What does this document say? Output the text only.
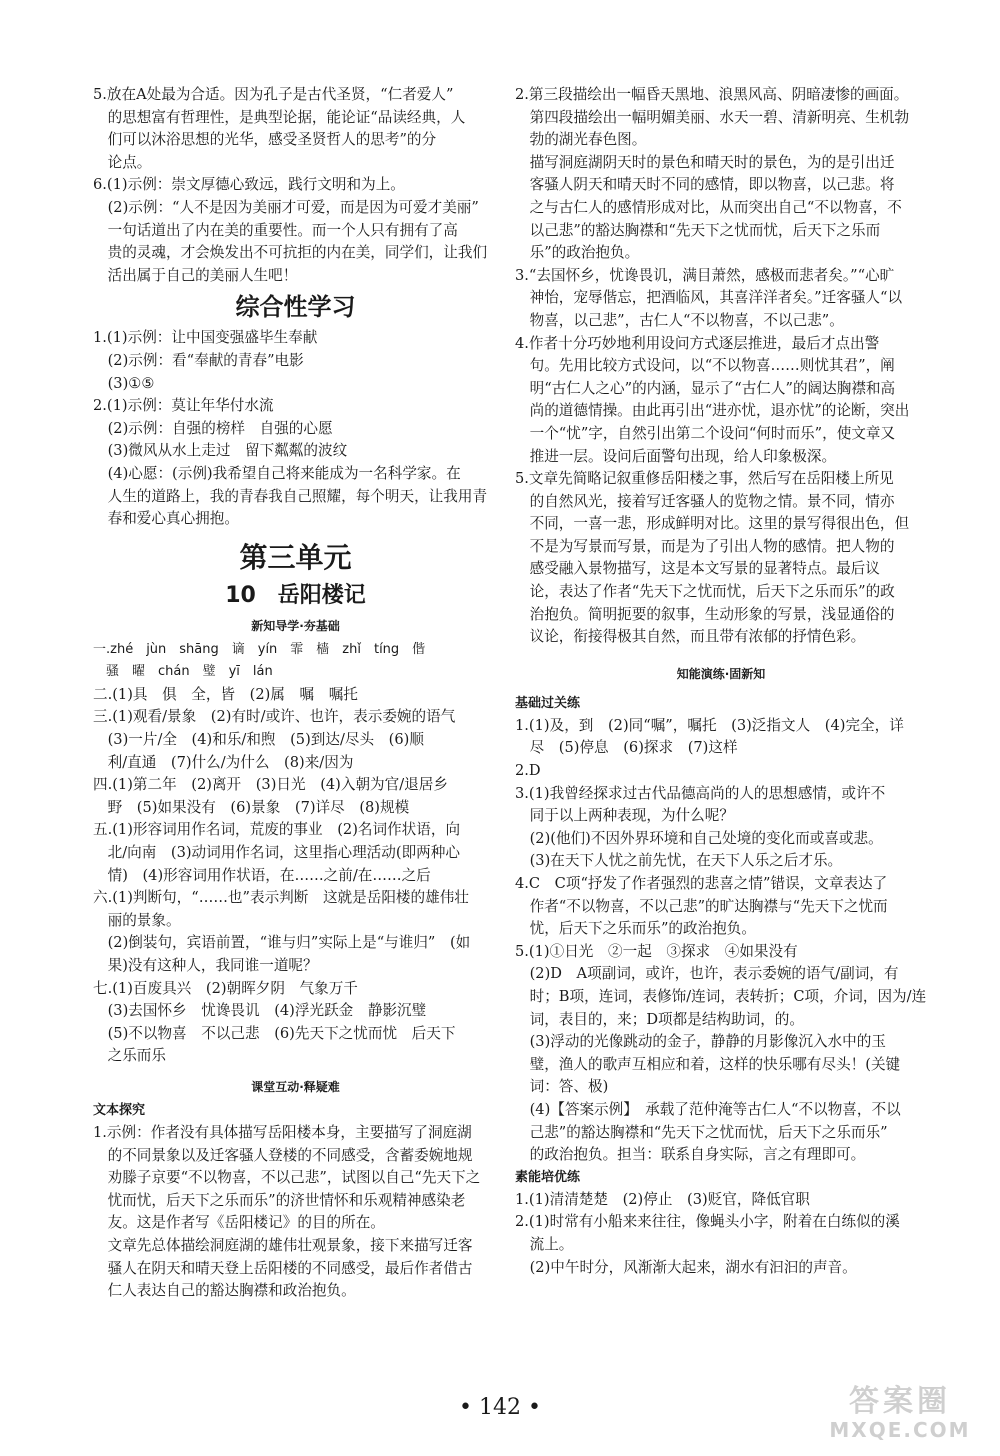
5.放在A处最为合适。因为孔子是古代圣贤，“仁者爱人”
的思想富有哲理性，是典型论据，能论证“品读经典，人
们可以沐浴思想的光华，感受圣贤哲人的思考”的分
论点。
6.(1)示例：崇文厚德心致远，践行文明和为上。
(2)示例：“人不是因为美丽才可爱，而是因为可爱才美丽”
一句话道出了内在美的重要性。而一个人只有拥有了高
贵的灵魂，才会焕发出不可抗拒的内在美，同学们，让我们
活出属于自己的美丽人生吧！
综合性学习
1.(1)示例：让中国变强盛毕生奉献
(2)示例：看“奉献的青春”电影
(3)①⑤
2.(1)示例：莫让年华付水流
(2)示例：自强的榜样　自强的心愿
(3)微风从水上走过　留下粼粼的波纹
(4)心愿：(示例)我希望自己将来能成为一名科学家。在
人生的道路上，我的青春我自己照耀，每个明天，让我用青
春和爱心真心拥抱。
第三单元
10　岳阳楼记
新知导学·夯基础
一.zhé　jùn　shāng　谪　yín　霏　樯　zhǐ　tíng　偕
骚　曜　chán　璧　yī　lán
二.(1)具　俱　全，皆　(2)属　嘱　嘱托
三.(1)观看/景象　(2)有时/或许、也许，表示委婉的语气
(3)一片/全　(4)和乐/和煦　(5)到达/尽头　(6)顺
利/直通　(7)什么/为什么　(8)来/因为
四.(1)第二年　(2)离开　(3)日光　(4)入朝为官/退居乡
野　(5)如果没有　(6)景象　(7)详尽　(8)规模
五.(1)形容词用作名词，荒废的事业　(2)名词作状语，向
北/向南　(3)动词用作名词，这里指心理活动(即两种心
情)　(4)形容词用作状语，在……之前/在……之后
六.(1)判断句，“……也”表示判断　这就是岳阳楼的雄伟壮
丽的景象。
(2)倒装句，宾语前置，“谁与归”实际上是“与谁归”　(如
果)没有这种人，我同谁一道呢？
七.(1)百废具兴　(2)朝晖夕阴　气象万千
(3)去国怀乡　忧谗畏讥　(4)浮光跃金　静影沉璧
(5)不以物喜　不以己悲　(6)先天下之忧而忧　后天下
之乐而乐
课堂互动·释疑难
文本探究
1.示例：作者没有具体描写岳阳楼本身，主要描写了洞庭湖
的不同景象以及迁客骚人登楼的不同感受，含蓄委婉地规
劝滕子京要“不以物喜，不以己悲”，试图以自己“先天下之
忧而忧，后天下之乐而乐”的济世情怀和乐观精神感染老
友。这是作者写《岳阳楼记》的目的所在。
文章先总体描绘洞庭湖的雄伟壮观景象，接下来描写迁客
骚人在阴天和晴天登上岳阳楼的不同感受，最后作者借古
仁人表达自己的豁达胸襟和政治抱负。
2.第三段描绘出一幅昏天黑地、浪黑风高、阴暗凄惨的画面。
第四段描绘出一幅明媚美丽、水天一碧、清新明亮、生机勃
勃的湖光春色图。
描写洞庭湖阴天时的景色和晴天时的景色，为的是引出迁
客骚人阴天和晴天时不同的感情，即以物喜，以己悲。将
之与古仁人的感情形成对比，从而突出自己“不以物喜，不
以己悲”的豁达胸襟和“先天下之忧而忧，后天下之乐而
乐”的政治抱负。
3.“去国怀乡，忧谗畏讥，满目萧然，感极而悲者矣。”“心旷
神怡，宠辱偕忘，把酒临风，其喜洋洋者矣。”迁客骚人“以
物喜，以己悲”，古仁人“不以物喜，不以己悲”。
4.作者十分巧妙地利用设问方式逐层推进，最后才点出警
句。先用比较方式设问，以“不以物喜……则忧其君”，阐
明“古仁人之心”的内涵，显示了“古仁人”的阔达胸襟和高
尚的道德情操。由此再引出“进亦忧，退亦忧”的论断，突出
一个“忧”字，自然引出第二个设问“何时而乐”，使文章又
推进一层。设问后面警句出现，给人印象极深。
5.文章先简略记叙重修岳阳楼之事，然后写在岳阳楼上所见
的自然风光，接着写迁客骚人的览物之情。景不同，情亦
不同，一喜一悲，形成鲜明对比。这里的景写得很出色，但
不是为写景而写景，而是为了引出人物的感情。把人物的
感受融入景物描写，这是本文写景的显著特点。最后议
论，表达了作者“先天下之忧而忧，后天下之乐而乐”的政
治抱负。简明扼要的叙事，生动形象的写景，浅显通俗的
议论，衔接得极其自然，而且带有浓郁的抒情色彩。
知能演练·固新知
基础过关练
1.(1)及，到　(2)同“嘱”，嘱托　(3)泛指文人　(4)完全，详
尽　(5)停息　(6)探求　(7)这样
2.D
3.(1)我曾经探求过古代品德高尚的人的思想感情，或许不
同于以上两种表现，为什么呢？
(2)(他们)不因外界环境和自己处境的变化而或喜或悲。
(3)在天下人忧之前先忧，在天下人乐之后才乐。
4.C　C项“抒发了作者强烈的悲喜之情”错误，文章表达了
作者“不以物喜，不以己悲”的旷达胸襟与“先天下之忧而
忧，后天下之乐而乐”的政治抱负。
5.(1)①日光　②一起　③探求　④如果没有
(2)D　A项副词，或许，也许，表示委婉的语气/副词，有
时；B项，连词，表修饰/连词，表转折；C项，介词，因为/连
词，表目的，来；D项都是结构助词，的。
(3)浮动的光像跳动的金子，静静的月影像沉入水中的玉
璧，渔人的歌声互相应和着，这样的快乐哪有尽头！(关键
词：答、极)
(4)【答案示例】　承载了范仲淹等古仁人“不以物喜，不以
己悲”的豁达胸襟和“先天下之忧而忧，后天下之乐而乐”
的政治抱负。担当：联系自身实际，言之有理即可。
素能培优练
1.(1)清清楚楚　(2)停止　(3)贬官，降低官职
2.(1)时常有小船来来往往，像蝇头小字，附着在白练似的溪
流上。
(2)中午时分，风渐渐大起来，湖水有汩汩的声音。
• 142 •	答案圈
MXQE.COM
